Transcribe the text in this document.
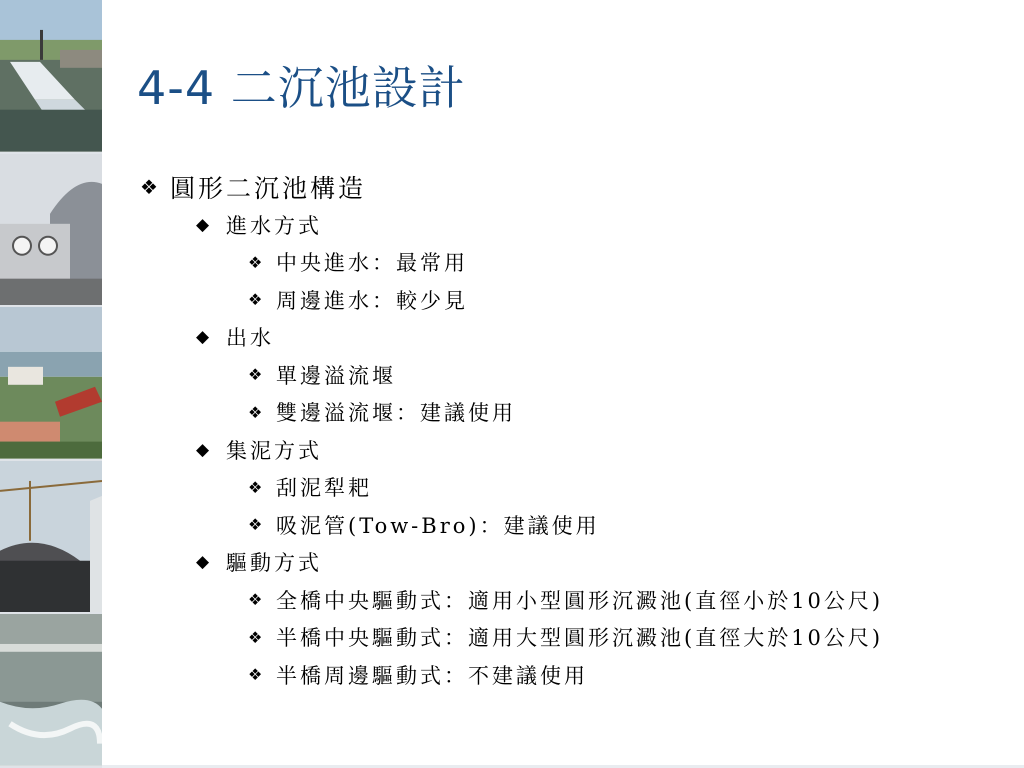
4-4 二沉池設計
❖ 圓形二沉池構造
◆ 進水方式
❖ 中央進水：最常用
❖ 周邊進水：較少見
◆ 出水
❖ 單邊溢流堰
❖ 雙邊溢流堰：建議使用
◆ 集泥方式
❖ 刮泥犁耙
❖ 吸泥管(Tow-Bro)：建議使用
◆ 驅動方式
❖ 全橋中央驅動式：適用小型圓形沉澱池(直徑小於10公尺)
❖ 半橋中央驅動式：適用大型圓形沉澱池(直徑大於10公尺)
❖ 半橋周邊驅動式：不建議使用
